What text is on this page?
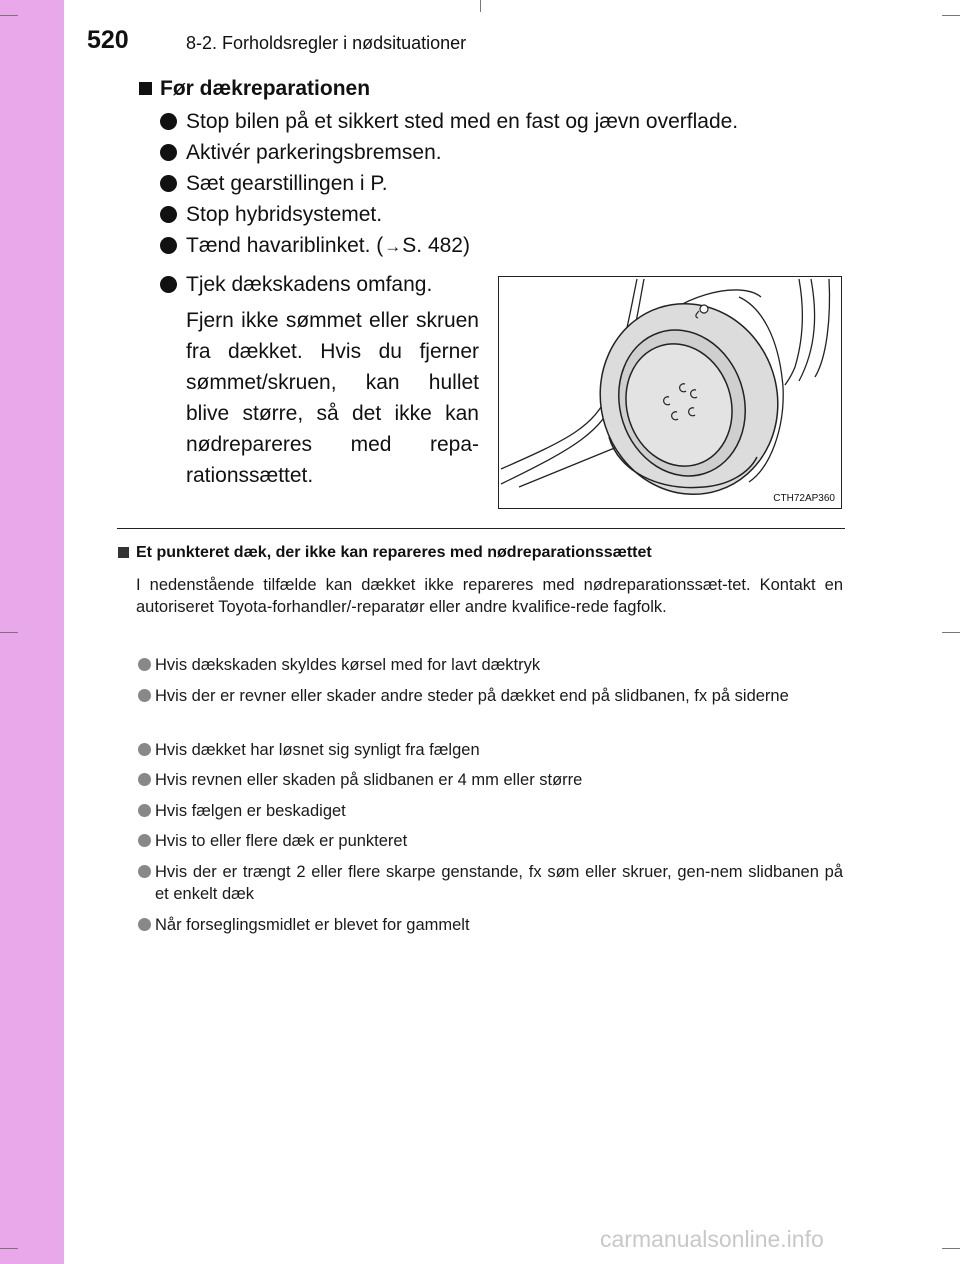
520	8-2. Forholdsregler i nødsituationer
Før dækreparationen
Stop bilen på et sikkert sted med en fast og jævn overflade.
Aktivér parkeringsbremsen.
Sæt gearstillingen i P.
Stop hybridsystemet.
Tænd havariblinket. (→S. 482)
Tjek dækskadens omfang.

Fjern ikke sømmet eller skruen fra dækket. Hvis du fjerner sømmet/skruen, kan hullet blive større, så det ikke kan nødrepareres med repa-rationssættet.

CTH72AP360
Et punkteret dæk, der ikke kan repareres med nødreparationssættet

I nedenstående tilfælde kan dækket ikke repareres med nødreparationssæt-tet. Kontakt en autoriseret Toyota-forhandler/-reparatør eller andre kvalifice-rede fagfolk.

Hvis dækskaden skyldes kørsel med for lavt dæktryk

Hvis der er revner eller skader andre steder på dækket end på slidbanen, fx på siderne

Hvis dækket har løsnet sig synligt fra fælgen

Hvis revnen eller skaden på slidbanen er 4 mm eller større

Hvis fælgen er beskadiget

Hvis to eller flere dæk er punkteret

Hvis der er trængt 2 eller flere skarpe genstande, fx søm eller skruer, gen-nem slidbanen på et enkelt dæk

Når forseglingsmidlet er blevet for gammelt

carmanualsonline.info
